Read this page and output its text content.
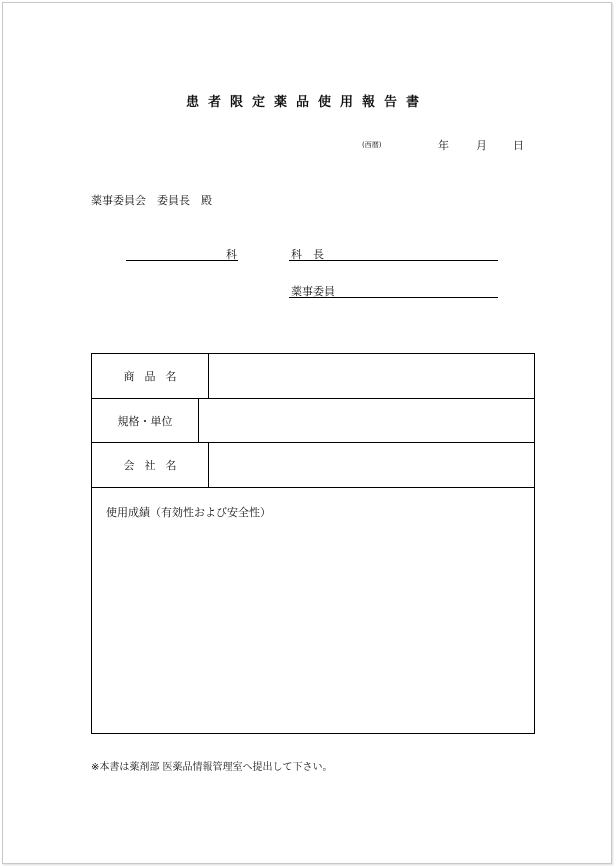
患者限定薬品使用報告書
(西暦)	年 月 日
薬事委員会　委員長　殿
科	科　長
薬事委員
商品名
規格・単位
会社名
使用成績（有効性および安全性）
※本書は薬剤部 医薬品情報管理室へ提出して下さい。
